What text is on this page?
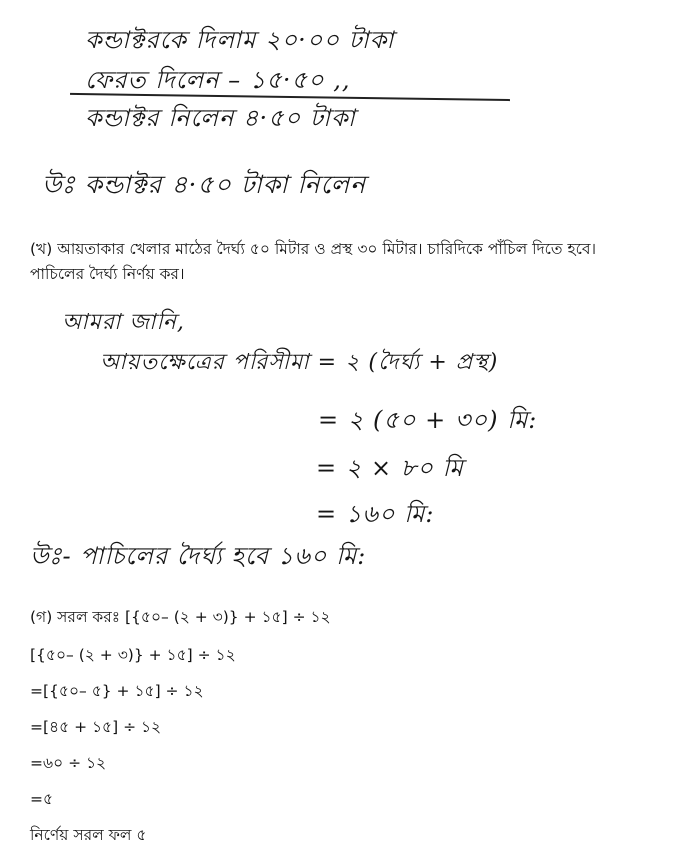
কন্ডাক্টরকে দিলাম ২০·০০ টাকা
ফেরত দিলেন – ১৫·৫০ ,,
কন্ডাক্টর নিলেন ৪·৫০ টাকা
উঃ কন্ডাক্টর ৪·৫০ টাকা নিলেন
(খ) আয়তাকার খেলার মাঠের দৈর্ঘ্য ৫০ মিটার ও প্রস্থ ৩০ মিটার। চারিদিকে পাঁচিল দিতে হবে।
পাচিলের দৈর্ঘ্য নির্ণয় কর।
আমরা জানি,
আয়তক্ষেত্রের পরিসীমা = ২ (দৈর্ঘ্য + প্রস্থ)
= ২ (৫০ + ৩০) মি:
= ২ × ৮০ মি
= ১৬০ মি:
উঃ- পাচিলের দৈর্ঘ্য হবে ১৬০ মি:
(গ) সরল করঃ [{৫০– (২ + ৩)} + ১৫] ÷ ১২
[{৫০– (২ + ৩)} + ১৫] ÷ ১২
=[{৫০– ৫} + ১৫] ÷ ১২
=[৪৫ + ১৫] ÷ ১২
=৬০ ÷ ১২
=৫
নির্ণেয় সরল ফল ৫
